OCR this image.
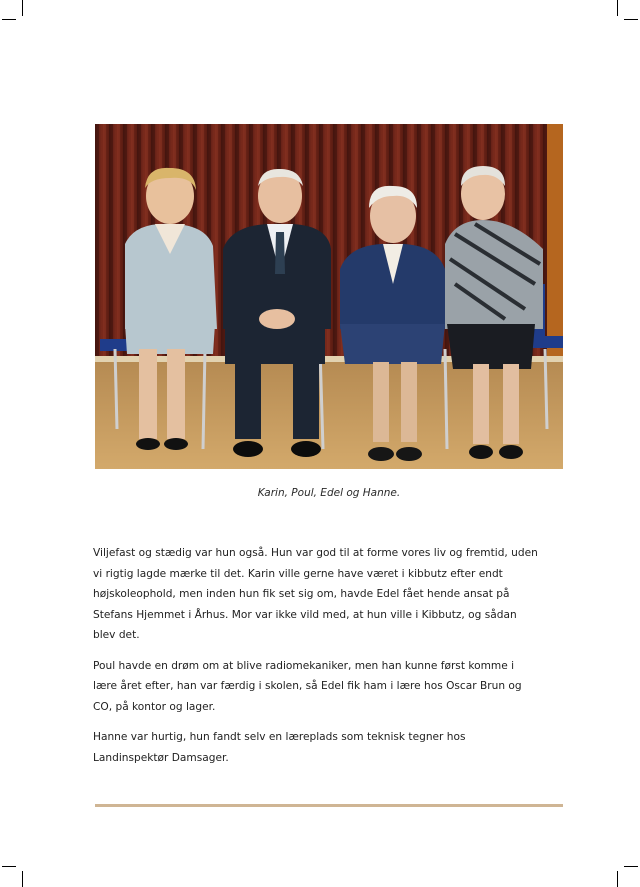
Karin, Poul, Edel og Hanne.

Viljefast og stædig var hun også. Hun var god til at forme vores liv og fremtid, uden vi rigtig lagde mærke til det. Karin ville gerne have været i kibbutz efter endt højskoleophold, men inden hun fik set sig om, havde Edel fået hende ansat på Stefans Hjemmet i Århus. Mor var ikke vild med, at hun ville i Kibbutz, og sådan blev det.

Poul havde en drøm om at blive radiomekaniker, men han kunne først komme i lære året efter, han var færdig i skolen, så Edel fik ham i lære hos Oscar Brun og CO, på kontor og lager.

Hanne var hurtig, hun fandt selv en læreplads som teknisk tegner hos Landinspektør Damsager.
